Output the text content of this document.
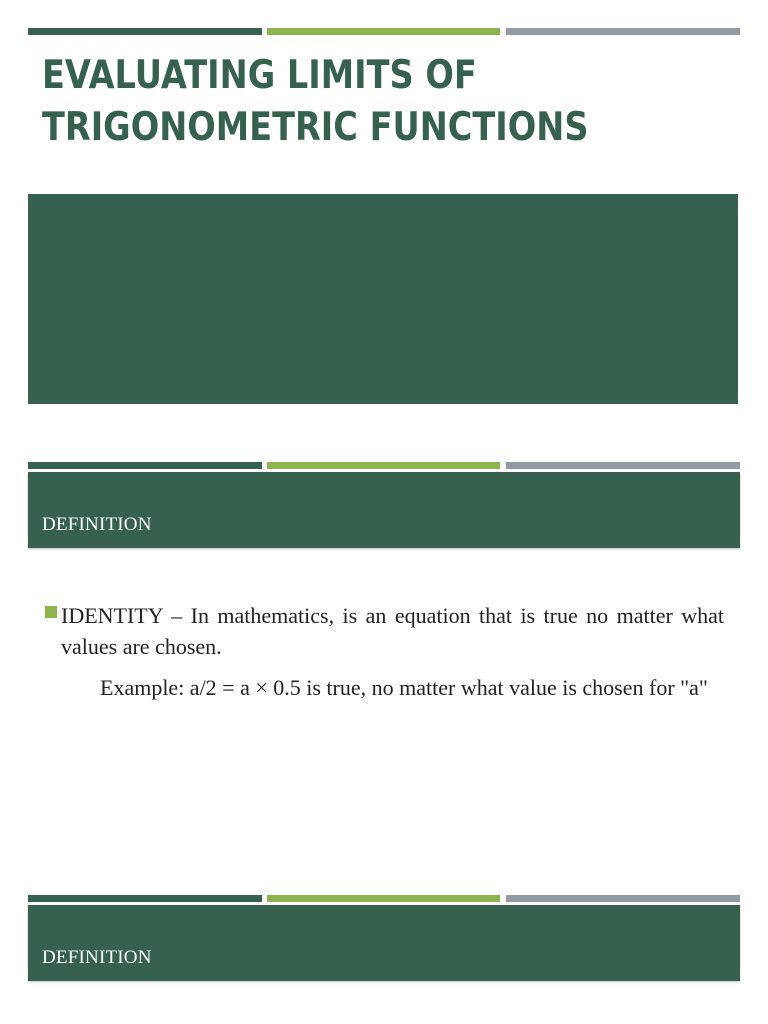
EVALUATING LIMITS OF TRIGONOMETRIC FUNCTIONS
DEFINITION
IDENTITY – In mathematics, is an equation that is true no matter what values are chosen.
Example: a/2 = a × 0.5 is true, no matter what value is chosen for "a"
DEFINITION
